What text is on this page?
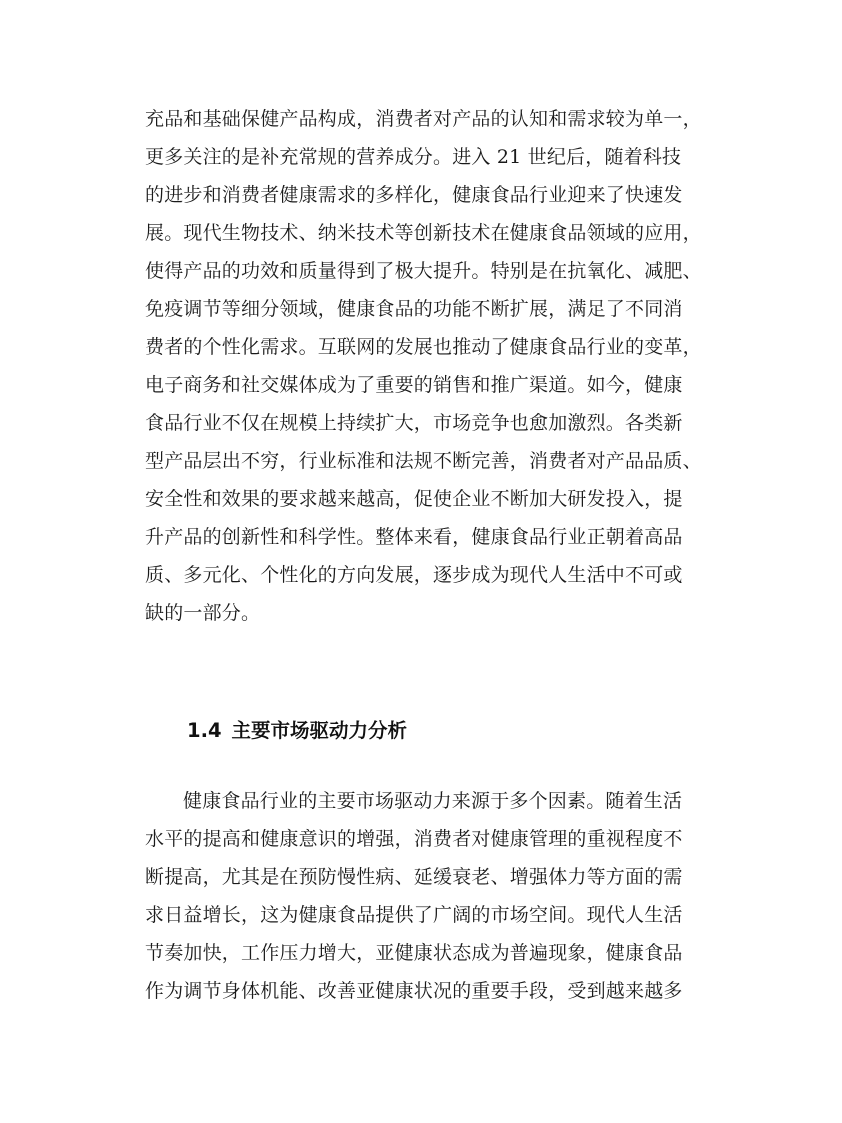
充品和基础保健产品构成，消费者对产品的认知和需求较为单一，
更多关注的是补充常规的营养成分。进入 21 世纪后，随着科技
的进步和消费者健康需求的多样化，健康食品行业迎来了快速发
展。现代生物技术、纳米技术等创新技术在健康食品领域的应用，
使得产品的功效和质量得到了极大提升。特别是在抗氧化、减肥、
免疫调节等细分领域，健康食品的功能不断扩展，满足了不同消
费者的个性化需求。互联网的发展也推动了健康食品行业的变革，
电子商务和社交媒体成为了重要的销售和推广渠道。如今，健康
食品行业不仅在规模上持续扩大，市场竞争也愈加激烈。各类新
型产品层出不穷，行业标准和法规不断完善，消费者对产品品质、
安全性和效果的要求越来越高，促使企业不断加大研发投入，提
升产品的创新性和科学性。整体来看，健康食品行业正朝着高品
质、多元化、个性化的方向发展，逐步成为现代人生活中不可或
缺的一部分。
1.4 主要市场驱动力分析
健康食品行业的主要市场驱动力来源于多个因素。随着生活
水平的提高和健康意识的增强，消费者对健康管理的重视程度不
断提高，尤其是在预防慢性病、延缓衰老、增强体力等方面的需
求日益增长，这为健康食品提供了广阔的市场空间。现代人生活
节奏加快，工作压力增大，亚健康状态成为普遍现象，健康食品
作为调节身体机能、改善亚健康状况的重要手段，受到越来越多
